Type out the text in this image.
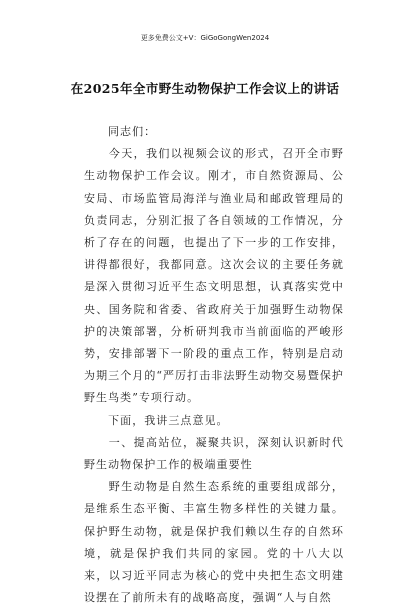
更多免费公文+V：GiGoGongWen2024
在2025年全市野生动物保护工作会议上的讲话

同志们：

　　今天，我们以视频会议的形式，召开全市野生动物保护工作会议。刚才，市自然资源局、公安局、市场监管局海洋与渔业局和邮政管理局的负责同志，分别汇报了各自领域的工作情况，分析了存在的问题，也提出了下一步的工作安排，讲得都很好，我都同意。这次会议的主要任务就是深入贯彻习近平生态文明思想，认真落实党中央、国务院和省委、省政府关于加强野生动物保护的决策部署，分析研判我市当前面临的严峻形势，安排部署下一阶段的重点工作，特别是启动为期三个月的“严厉打击非法野生动物交易暨保护野生鸟类”专项行动。

　　下面，我讲三点意见。

　　一、提高站位，凝聚共识，深刻认识新时代野生动物保护工作的极端重要性

　　野生动物是自然生态系统的重要组成部分，是维系生态平衡、丰富生物多样性的关键力量。保护野生动物，就是保护我们赖以生存的自然环境，就是保护我们共同的家园。党的十八大以来，以习近平同志为核心的党中央把生态文明建设摆在了前所未有的战略高度，强调“人与自然
